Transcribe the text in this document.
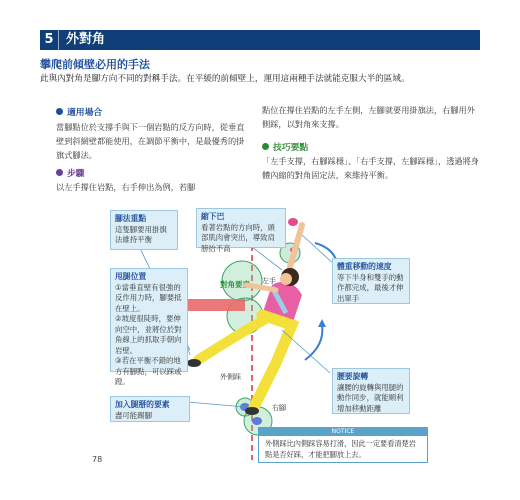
5 外對角
攀爬前傾壁必用的手法
此與內對角是腳方向不同的對稱手法。在平緩的前傾壁上，運用這兩種手法就能克服大半的區域。
適用場合
當腳點位於支撐手與下一個岩點的反方向時，從垂直壁到斜網壁都能使用，在調節平衡中，是最優秀的掛旗式腳法。
步驟
以左手撐住岩點，右手伸出為例，若腳
點位在撐住岩點的左手左側，左腳就要用掛旗法，右腳用外側踩，以對角來支撐。
技巧要點
「左手支撐，右腳踩穩」、「右手支撐，左腳踩穩」，透過將身體內縮的對角固定法，來維持平衡。
對角要素 左手
外側踩
右腳
腳法重點
這隻腳要用掛旗法維持平衡
縮下巴
看著岩點的方向時，頭部肌肉會突出，導致肩膀抬不高
甩腿位置
①當垂直壁有很強的反作用力時，腳要抵在壁上。
②坡度很陡時，要伸向空中，並將位於對角線上的抓取手朝向岩壁。
③若在平衡不錯的地方有腳點，可以踩或蹬。
體重移動的速度
等下半身和雙手的動作都完成，最後才伸出單手
腰要旋轉
讓腰的旋轉與甩腿的動作同步，就能順利增加移動距離
加入腿掰的要素
盡可能踢腳
NOTICE
外側踩比內側踩容易打滑，因此一定要看清楚岩點是否好踩，才能把腳放上去。
78
